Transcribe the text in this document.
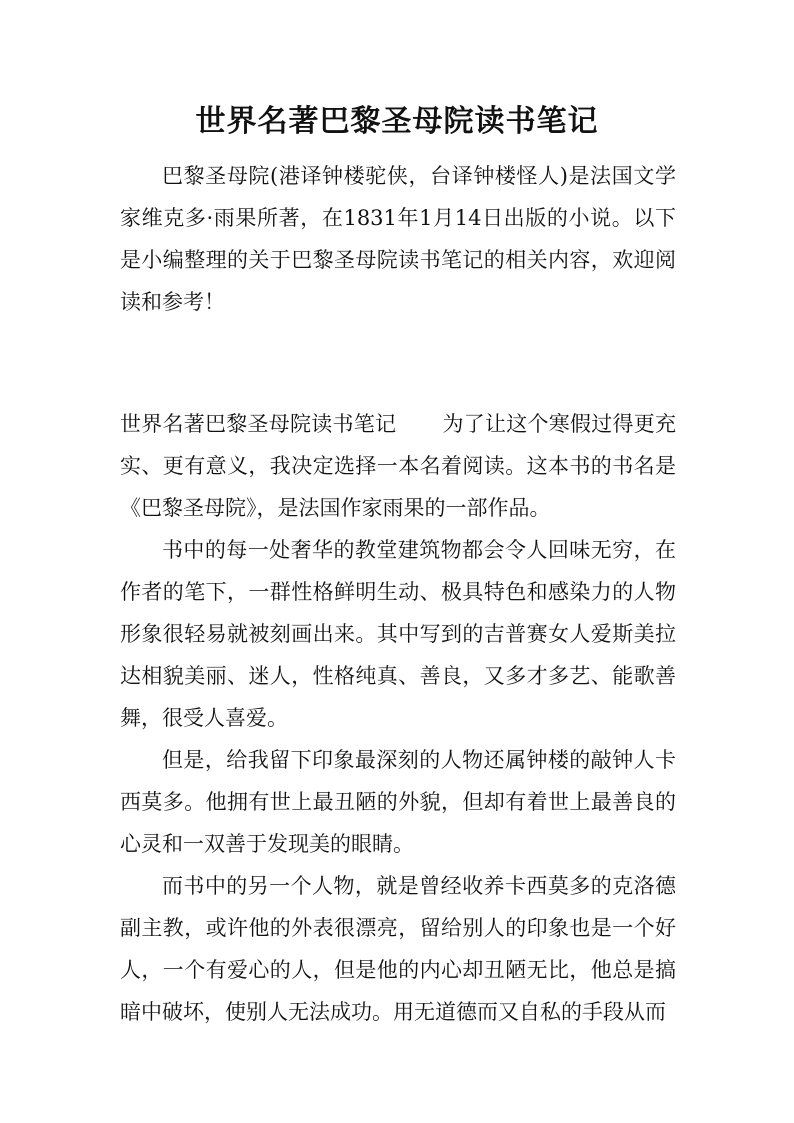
世界名著巴黎圣母院读书笔记

巴黎圣母院(港译钟楼驼侠，台译钟楼怪人)是法国文学家维克多·雨果所著，在1831年1月14日出版的小说。以下是小编整理的关于巴黎圣母院读书笔记的相关内容，欢迎阅读和参考！

世界名著巴黎圣母院读书笔记 为了让这个寒假过得更充实、更有意义，我决定选择一本名着阅读。这本书的书名是《巴黎圣母院》，是法国作家雨果的一部作品。

书中的每一处奢华的教堂建筑物都会令人回味无穷，在作者的笔下，一群性格鲜明生动、极具特色和感染力的人物形象很轻易就被刻画出来。其中写到的吉普赛女人爱斯美拉达相貌美丽、迷人，性格纯真、善良，又多才多艺、能歌善舞，很受人喜爱。

但是，给我留下印象最深刻的人物还属钟楼的敲钟人卡西莫多。他拥有世上最丑陋的外貌，但却有着世上最善良的心灵和一双善于发现美的眼睛。

而书中的另一个人物，就是曾经收养卡西莫多的克洛德副主教，或许他的外表很漂亮，留给别人的印象也是一个好人，一个有爱心的人，但是他的内心却丑陋无比，他总是搞暗中破坏，使别人无法成功。用无道德而又自私的手段从而
